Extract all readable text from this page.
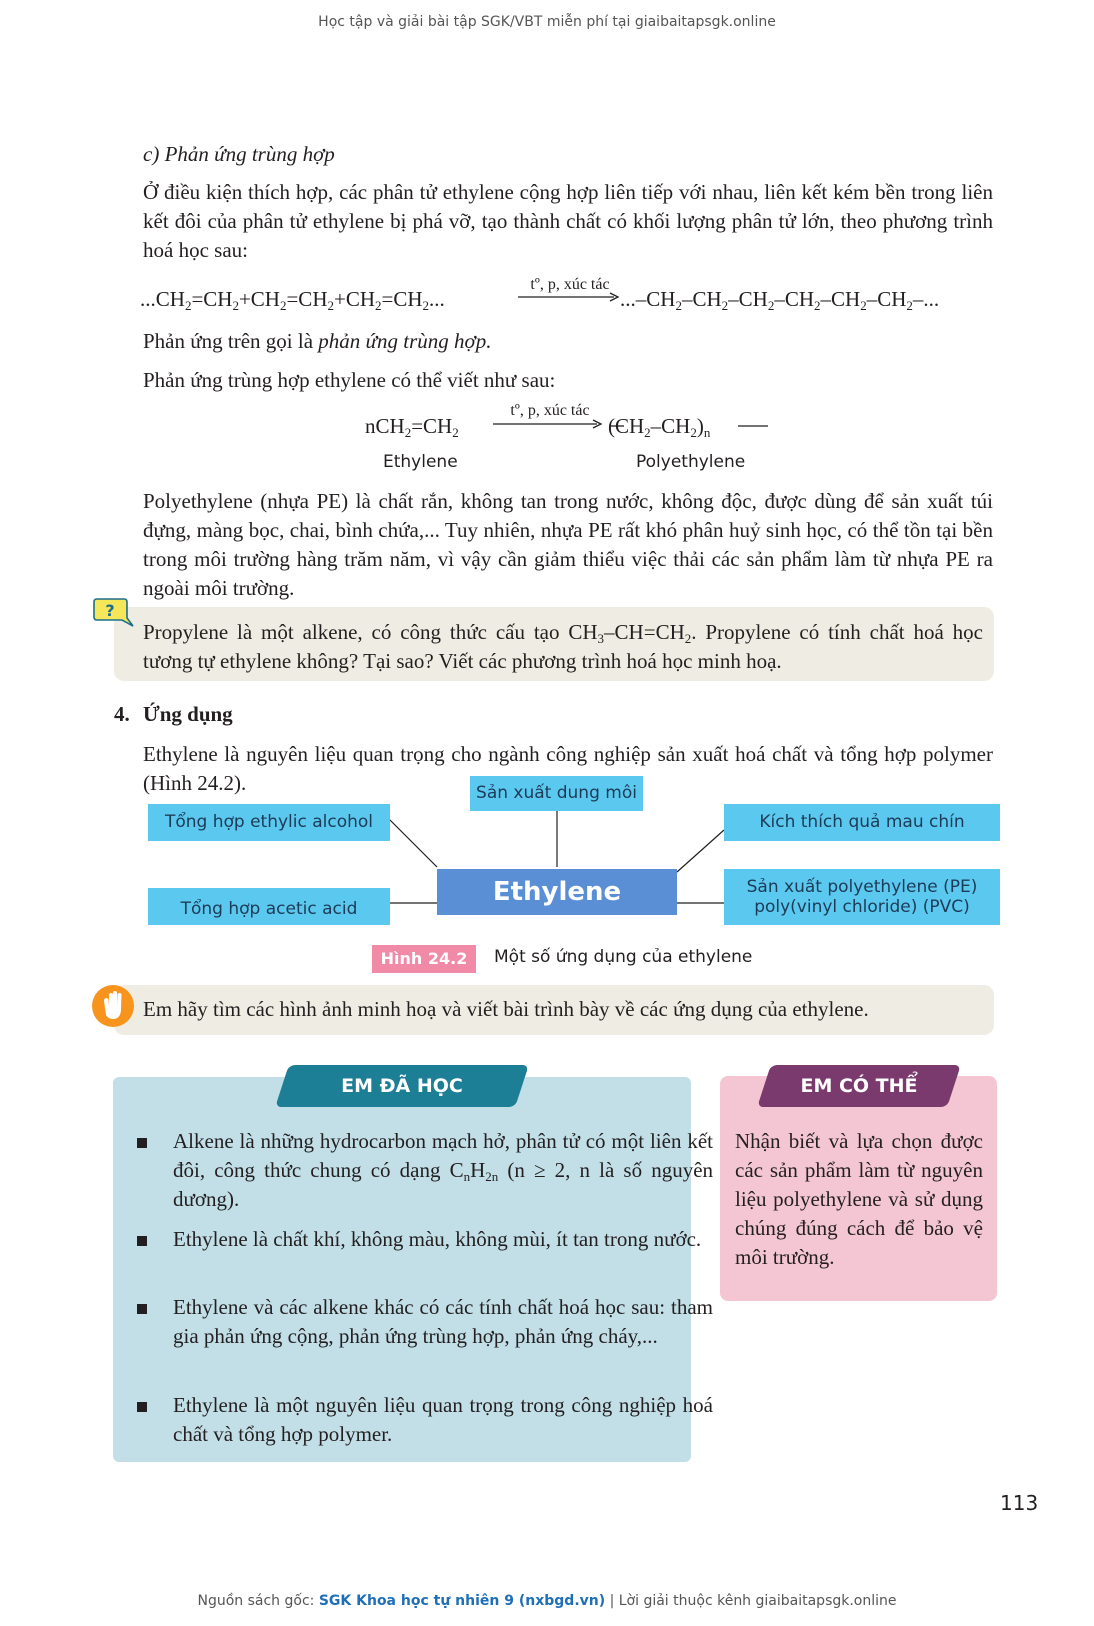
Học tập và giải bài tập SGK/VBT miễn phí tại giaibaitapsgk.online
c) Phản ứng trùng hợp
Ở điều kiện thích hợp, các phân tử ethylene cộng hợp liên tiếp với nhau, liên kết kém bền trong liên kết đôi của phân tử ethylene bị phá vỡ, tạo thành chất có khối lượng phân tử lớn, theo phương trình hoá học sau:
$...CH_2=CH_2+CH_2=CH_2+CH_2=CH_2$...
tº, p, xúc tác
$...-CH_2-CH_2-CH_2-CH_2-CH_2-CH_2-$...
Phản ứng trên gọi là phản ứng trùng hợp.
Phản ứng trùng hợp ethylene có thể viết như sau:
$nCH_2=CH_2$
tº, p, xúc tác
$(CH_2-CH_2)_n$
Ethylene	Polyethylene
Polyethylene (nhựa PE) là chất rắn, không tan trong nước, không độc, được dùng để sản xuất túi đựng, màng bọc, chai, bình chứa,... Tuy nhiên, nhựa PE rất khó phân huỷ sinh học, có thể tồn tại bền trong môi trường hàng trăm năm, vì vậy cần giảm thiểu việc thải các sản phẩm làm từ nhựa PE ra ngoài môi trường.
?
Propylene là một alkene, có công thức cấu tạo $CH_3-CH=CH_2$. Propylene có tính chất hoá học tương tự ethylene không? Tại sao? Viết các phương trình hoá học minh hoạ.
4. Ứng dụng
Ethylene là nguyên liệu quan trọng cho ngành công nghiệp sản xuất hoá chất và tổng hợp polymer (Hình 24.2).	Sản xuất dung môi
Tổng hợp ethylic alcohol
Tổng hợp acetic acid
Kích thích quả mau chín
Sản xuất polyethylene (PE)
poly(vinyl chloride) (PVC)
Ethylene
Hình 24.2	Một số ứng dụng của ethylene
Em hãy tìm các hình ảnh minh hoạ và viết bài trình bày về các ứng dụng của ethylene.
EM ĐÃ HỌC
Alkene là những hydrocarbon mạch hở, phân tử có một liên kết đôi, công thức chung có dạng $C_nH_{2n}$ (n ≥ 2, n là số nguyên dương).
Ethylene là chất khí, không màu, không mùi, ít tan trong nước.
Ethylene và các alkene khác có các tính chất hoá học sau: tham gia phản ứng cộng, phản ứng trùng hợp, phản ứng cháy,...
Ethylene là một nguyên liệu quan trọng trong công nghiệp hoá chất và tổng hợp polymer.
EM CÓ THỂ
Nhận biết và lựa chọn được các sản phẩm làm từ nguyên liệu polyethylene và sử dụng chúng đúng cách để bảo vệ môi trường.
113
Nguồn sách gốc: SGK Khoa học tự nhiên 9 (nxbgd.vn) | Lời giải thuộc kênh giaibaitapsgk.online
